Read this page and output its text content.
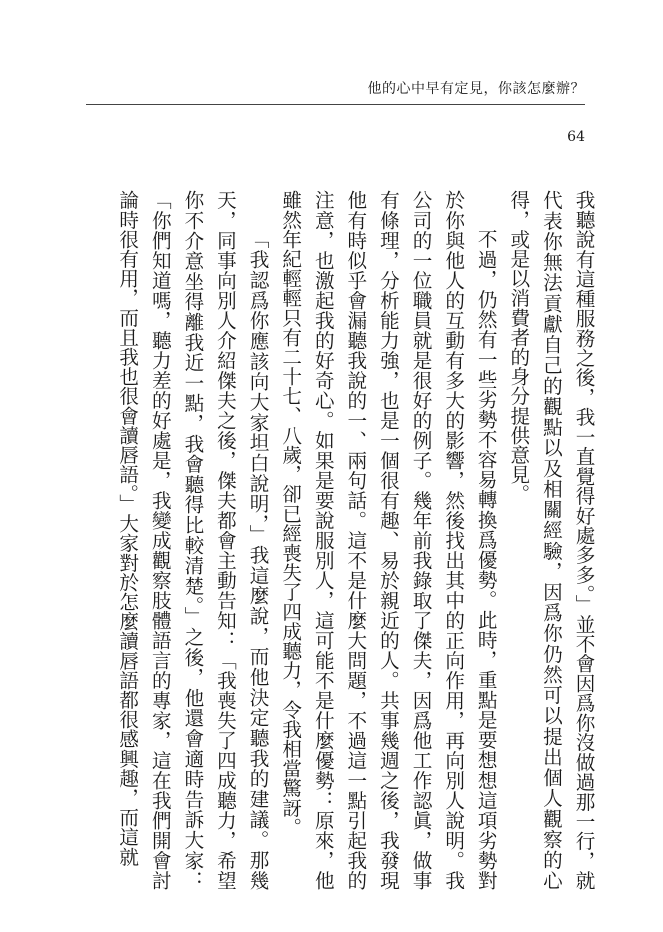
他的心中早有定見，你該怎麼辦？
64

我聽說有這種服務之後，我一直覺得好處多多。」並不會因爲你沒做過那一行，就代表你無法貢獻自己的觀點以及相關經驗，因爲你仍然可以提出個人觀察的心得，或是以消費者的身分提供意見。

不過，仍然有一些劣勢不容易轉換爲優勢。此時，重點是要想想這項劣勢對於你與他人的互動有多大的影響，然後找出其中的正向作用，再向別人說明。我公司的一位職員就是很好的例子。幾年前我錄取了傑夫，因爲他工作認眞，做事有條理，分析能力強，也是一個很有趣、易於親近的人。共事幾週之後，我發現他有時似乎會漏聽我說的一、兩句話。這不是什麼大問題，不過這一點引起我的注意，也激起我的好奇心。如果是要說服別人，這可能不是什麼優勢：原來，他雖然年紀輕輕只有二十七、八歲，卻已經喪失了四成聽力，令我相當驚訝。

「我認爲你應該向大家坦白說明，」我這麼說，而他決定聽我的建議。那幾天，同事向別人介紹傑夫之後，傑夫都會主動告知：「我喪失了四成聽力，希望你不介意坐得離我近一點，我會聽得比較清楚。」之後，他還會適時告訴大家：「你們知道嗎，聽力差的好處是，我變成觀察肢體語言的專家，這在我們開會討論時很有用，而且我也很會讀唇語。」大家對於怎麼讀唇語都很感興趣，而這就
